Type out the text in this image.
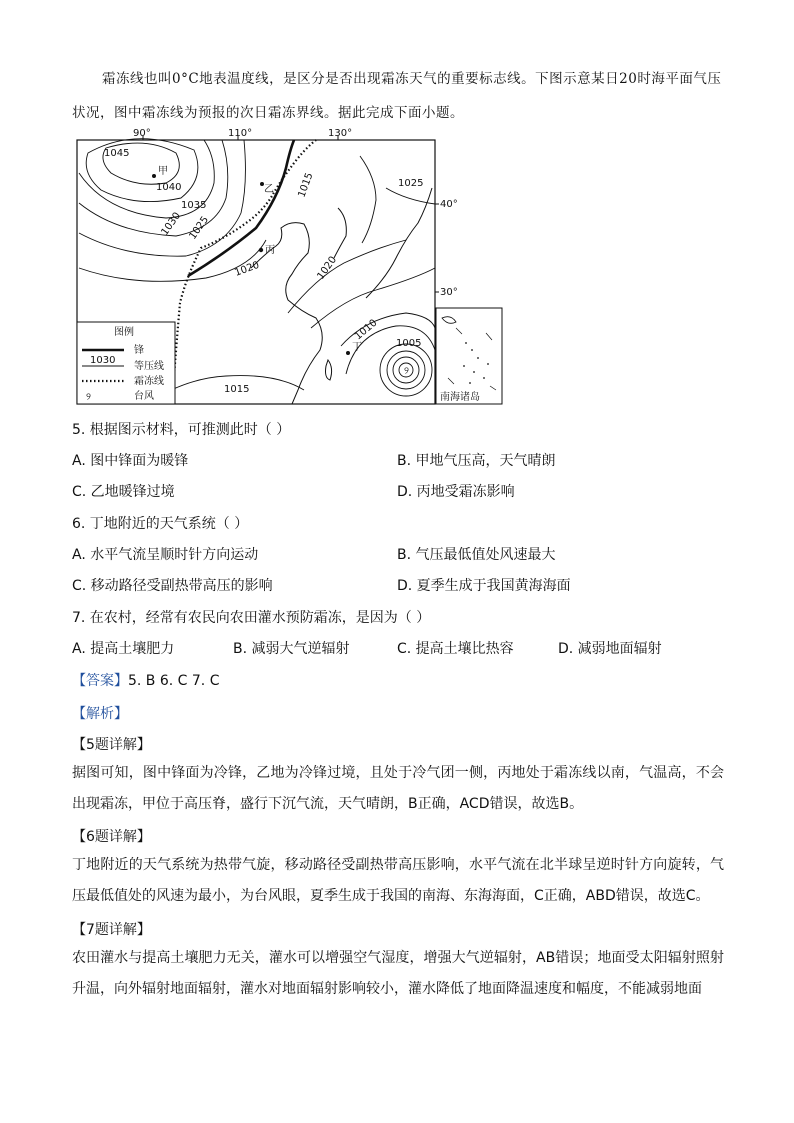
霜冻线也叫0°C地表温度线，是区分是否出现霜冻天气的重要标志线。下图示意某日20时海平面气压状况，图中霜冻线为预报的次日霜冻界线。据此完成下面小题。
90°	110°	130°
40°
30°
୨
1045
1040
1035
1030 1025
1020
1015	1025
1020
1015
1010
1005
甲
乙
丙
丁
图例
锋
1030
等压线
霜冻线
୨	台风	南海诸岛
5. 根据图示材料，可推测此时（ ）
A. 图中锋面为暖锋	B. 甲地气压高，天气晴朗
C. 乙地暖锋过境	D. 丙地受霜冻影响
6. 丁地附近的天气系统（ ）
A. 水平气流呈顺时针方向运动	B. 气压最低值处风速最大
C. 移动路径受副热带高压的影响	D. 夏季生成于我国黄海海面
7. 在农村，经常有农民向农田灌水预防霜冻，是因为（ ）
A. 提高土壤肥力	B. 减弱大气逆辐射	C. 提高土壤比热容	D. 减弱地面辐射
【答案】5. B 6. C 7. C
【解析】
【5题详解】
据图可知，图中锋面为冷锋，乙地为冷锋过境，且处于冷气团一侧，丙地处于霜冻线以南，气温高，不会出现霜冻，甲位于高压脊，盛行下沉气流，天气晴朗，B正确，ACD错误，故选B。
【6题详解】
丁地附近的天气系统为热带气旋，移动路径受副热带高压影响，水平气流在北半球呈逆时针方向旋转，气压最低值处的风速为最小，为台风眼，夏季生成于我国的南海、东海海面，C正确，ABD错误，故选C。
【7题详解】
农田灌水与提高土壤肥力无关，灌水可以增强空气湿度，增强大气逆辐射，AB错误；地面受太阳辐射照射升温，向外辐射地面辐射，灌水对地面辐射影响较小，灌水降低了地面降温速度和幅度，不能减弱地面
